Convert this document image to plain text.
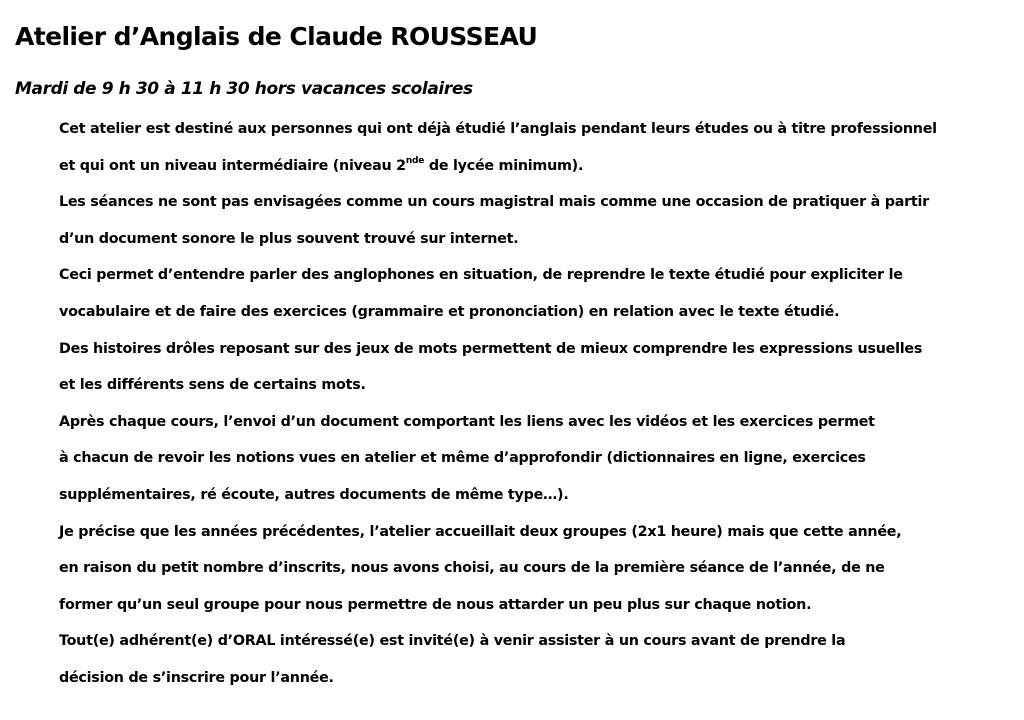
Atelier d’Anglais de Claude ROUSSEAU
Mardi de 9 h 30 à 11 h 30 hors vacances scolaires
Cet atelier est destiné aux personnes qui ont déjà étudié l’anglais pendant leurs études ou à titre professionnel
et qui ont un niveau intermédiaire (niveau 2nde de lycée minimum).
Les séances ne sont pas envisagées comme un cours magistral mais comme une occasion de pratiquer à partir
d’un document sonore le plus souvent trouvé sur internet.
Ceci permet d’entendre parler des anglophones en situation, de reprendre le texte étudié pour expliciter le
vocabulaire et de faire des exercices (grammaire et prononciation) en relation avec le texte étudié.
Des histoires drôles reposant sur des jeux de mots permettent de mieux comprendre les expressions usuelles
et les différents sens de certains mots.
Après chaque cours, l’envoi d’un document comportant les liens avec les vidéos et les exercices permet
à chacun de revoir les notions vues en atelier et même d’approfondir (dictionnaires en ligne, exercices
supplémentaires, ré écoute, autres documents de même type…).
Je précise que les années précédentes, l’atelier accueillait deux groupes (2x1 heure) mais que cette année,
en raison du petit nombre d’inscrits, nous avons choisi, au cours de la première séance de l’année, de ne
former qu’un seul groupe pour nous permettre de nous attarder un peu plus sur chaque notion.
Tout(e) adhérent(e) d’ORAL intéressé(e) est invité(e) à venir assister à un cours avant de prendre la
décision de s’inscrire pour l’année.
